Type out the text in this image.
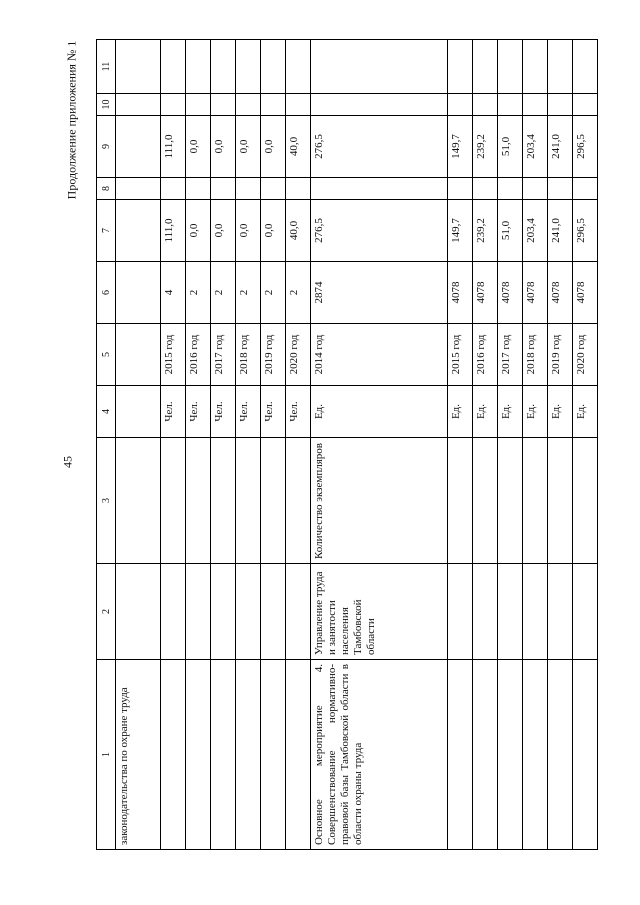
45
Продолжение приложения № 1
1	2	3	4	5	6	7	8	9	10	11
законодательства по охране труда										
			Чел.	2015 год	4	111,0		111,0		
			Чел.	2016 год	2	0,0		0,0		
			Чел.	2017 год	2	0,0		0,0		
			Чел.	2018 год	2	0,0		0,0		
			Чел.	2019 год	2	0,0		0,0		
			Чел.	2020 год	2	40,0		40,0		
Основное мероприятие 4. Совершенствование нормативно-правовой базы Тамбовской области в области охраны труда	Управление труда и занятости населения Тамбовской области	Количество экземпляров	Ед.	2014 год	2874	276,5		276,5		
			Ед.	2015 год	4078	149,7		149,7		
			Ед.	2016 год	4078	239,2		239,2		
			Ед.	2017 год	4078	51,0		51,0		
			Ед.	2018 год	4078	203,4		203,4		
			Ед.	2019 год	4078	241,0		241,0		
			Ед.	2020 год	4078	296,5		296,5		
